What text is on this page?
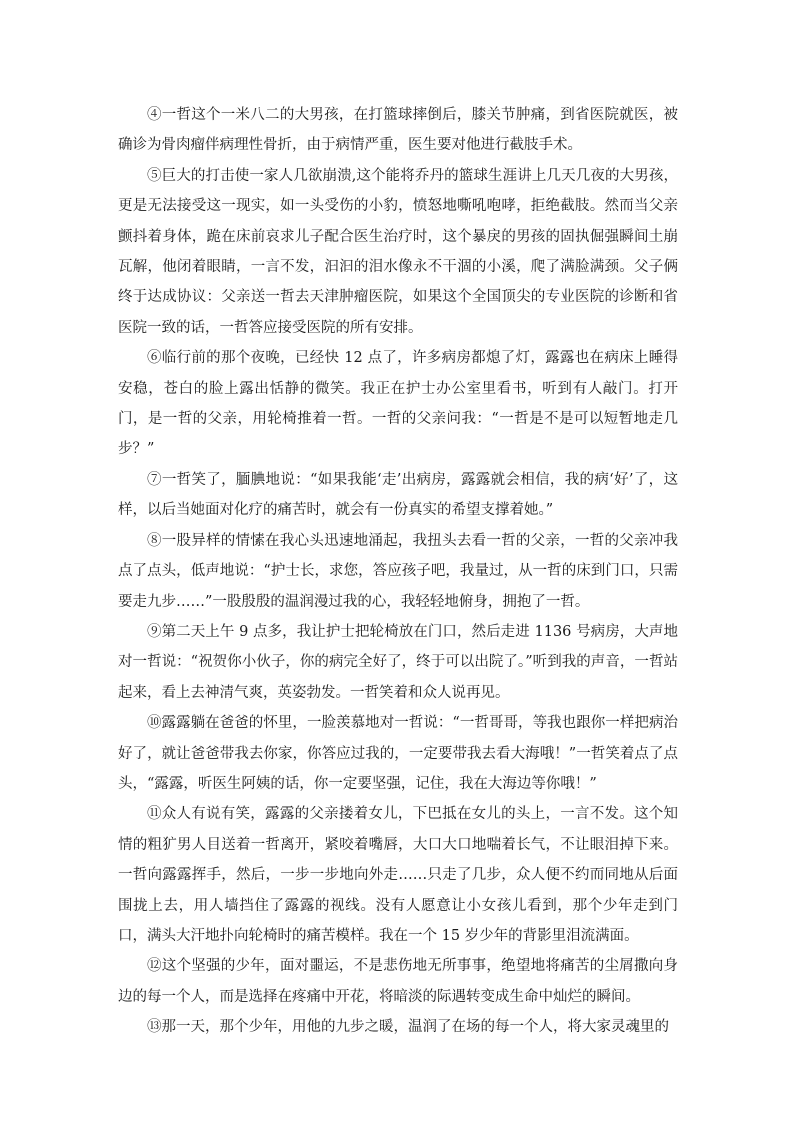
④一哲这个一米八二的大男孩，在打篮球摔倒后，膝关节肿痛，到省医院就医，被确诊为骨肉瘤伴病理性骨折，由于病情严重，医生要对他进行截肢手术。

⑤巨大的打击使一家人几欲崩溃,这个能将乔丹的篮球生涯讲上几天几夜的大男孩，更是无法接受这一现实，如一头受伤的小豹，愤怒地嘶吼咆哮，拒绝截肢。然而当父亲颤抖着身体，跪在床前哀求儿子配合医生治疗时，这个暴戾的男孩的固执倔强瞬间土崩瓦解，他闭着眼睛，一言不发，汩汩的泪水像永不干涸的小溪，爬了满脸满颈。父子俩终于达成协议：父亲送一哲去天津肿瘤医院，如果这个全国顶尖的专业医院的诊断和省医院一致的话，一哲答应接受医院的所有安排。

⑥临行前的那个夜晚，已经快 12 点了，许多病房都熄了灯，露露也在病床上睡得安稳，苍白的脸上露出恬静的微笑。我正在护士办公室里看书，听到有人敲门。打开门，是一哲的父亲，用轮椅推着一哲。一哲的父亲问我：“一哲是不是可以短暂地走几步？”

⑦一哲笑了，腼腆地说：“如果我能‘走’出病房，露露就会相信，我的病‘好’了，这样，以后当她面对化疗的痛苦时，就会有一份真实的希望支撑着她。”

⑧一股异样的情愫在我心头迅速地涌起，我扭头去看一哲的父亲，一哲的父亲冲我点了点头，低声地说：“护士长，求您，答应孩子吧，我量过，从一哲的床到门口，只需要走九步……”一股殷殷的温润漫过我的心，我轻轻地俯身，拥抱了一哲。

⑨第二天上午 9 点多，我让护士把轮椅放在门口，然后走进 1136 号病房，大声地对一哲说：“祝贺你小伙子，你的病完全好了，终于可以出院了。”听到我的声音，一哲站起来，看上去神清气爽，英姿勃发。一哲笑着和众人说再见。

⑩露露躺在爸爸的怀里，一脸羡慕地对一哲说：“一哲哥哥，等我也跟你一样把病治好了，就让爸爸带我去你家，你答应过我的，一定要带我去看大海哦！”一哲笑着点了点头，“露露，听医生阿姨的话，你一定要坚强，记住，我在大海边等你哦！”

⑪众人有说有笑，露露的父亲搂着女儿，下巴抵在女儿的头上，一言不发。这个知情的粗犷男人目送着一哲离开，紧咬着嘴唇，大口大口地喘着长气，不让眼泪掉下来。一哲向露露挥手，然后，一步一步地向外走……只走了几步，众人便不约而同地从后面围拢上去，用人墙挡住了露露的视线。没有人愿意让小女孩儿看到，那个少年走到门口，满头大汗地扑向轮椅时的痛苦模样。我在一个 15 岁少年的背影里泪流满面。

⑫这个坚强的少年，面对噩运，不是悲伤地无所事事，绝望地将痛苦的尘屑撒向身边的每一个人，而是选择在疼痛中开花，将暗淡的际遇转变成生命中灿烂的瞬间。

⑬那一天，那个少年，用他的九步之暖，温润了在场的每一个人，将大家灵魂里的
